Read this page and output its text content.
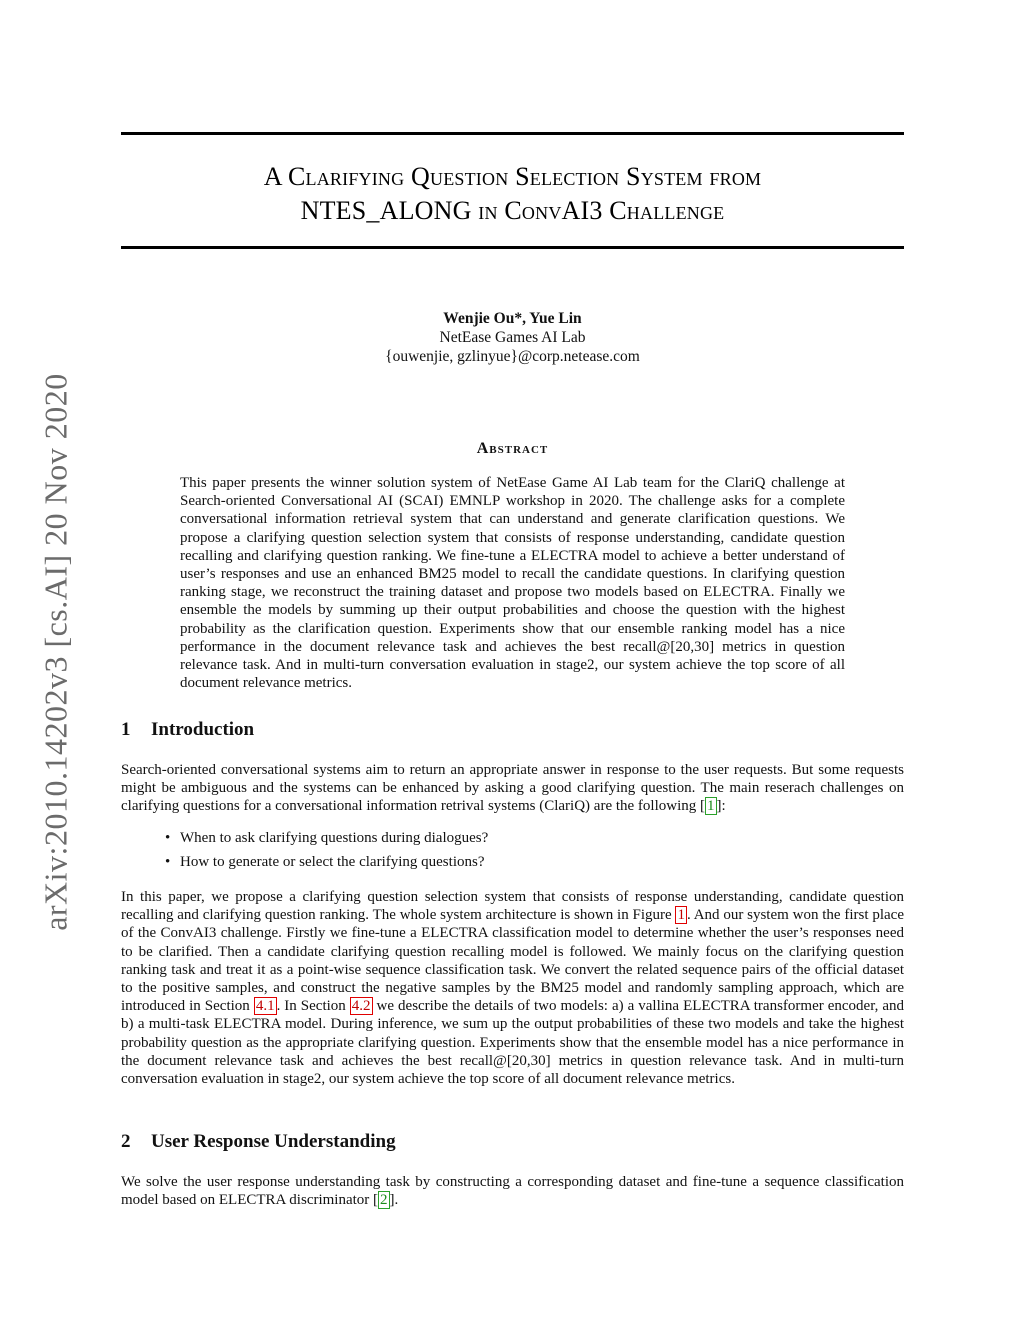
A Clarifying Question Selection System from
NTES_ALONG in ConvAI3 Challenge
Wenjie Ou*, Yue Lin
NetEase Games AI Lab
{ouwenjie, gzlinyue}@corp.netease.com
arXiv:2010.14202v3 [cs.AI] 20 Nov 2020	Abstract

This paper presents the winner solution system of NetEase Game AI Lab team for the ClariQ challenge at Search-oriented Conversational AI (SCAI) EMNLP workshop in 2020. The challenge asks for a complete conversational information retrieval system that can understand and generate clarification questions. We propose a clarifying question selection system that consists of response understanding, candidate question recalling and clarifying question ranking. We fine-tune a ELECTRA model to achieve a better understand of user’s responses and use an enhanced BM25 model to recall the candidate questions. In clarifying question ranking stage, we reconstruct the training dataset and propose two models based on ELECTRA. Finally we ensemble the models by summing up their output probabilities and choose the question with the highest probability as the clarification question. Experiments show that our ensemble ranking model has a nice performance in the document relevance task and achieves the best recall@[20,30] metrics in question relevance task. And in multi-turn conversation evaluation in stage2, our system achieve the top score of all document relevance metrics.

1 Introduction

Search-oriented conversational systems aim to return an appropriate answer in response to the user requests. But some requests might be ambiguous and the systems can be enhanced by asking a good clarifying question. The main reserach challenges on clarifying questions for a conversational information retrival systems (ClariQ) are the following [ 1 ]:

• When to ask clarifying questions during dialogues?
• How to generate or select the clarifying questions?

In this paper, we propose a clarifying question selection system that consists of response understanding, candidate question recalling and clarifying question ranking. The whole system architecture is shown in Figure 1 . And our system won the first place of the ConvAI3 challenge. Firstly we fine-tune a ELECTRA classification model to determine whether the user’s responses need to be clarified. Then a candidate clarifying question recalling model is followed. We mainly focus on the clarifying question ranking task and treat it as a point-wise sequence classification task. We convert the related sequence pairs of the official dataset to the positive samples, and construct the negative samples by the BM25 model and randomly sampling approach, which are introduced in Section 4.1 . In Section 4.2 we describe the details of two models: a) a vallina ELECTRA transformer encoder, and b) a multi-task ELECTRA model. During inference, we sum up the output probabilities of these two models and take the highest probability question as the appropriate clarifying question. Experiments show that the ensemble model has a nice performance in the document relevance task and achieves the best recall@[20,30] metrics in question relevance task. And in multi-turn conversation evaluation in stage2, our system achieve the top score of all document relevance metrics.

2 User Response Understanding

We solve the user response understanding task by constructing a corresponding dataset and fine-tune a sequence classification model based on ELECTRA discriminator [ 2 ].
